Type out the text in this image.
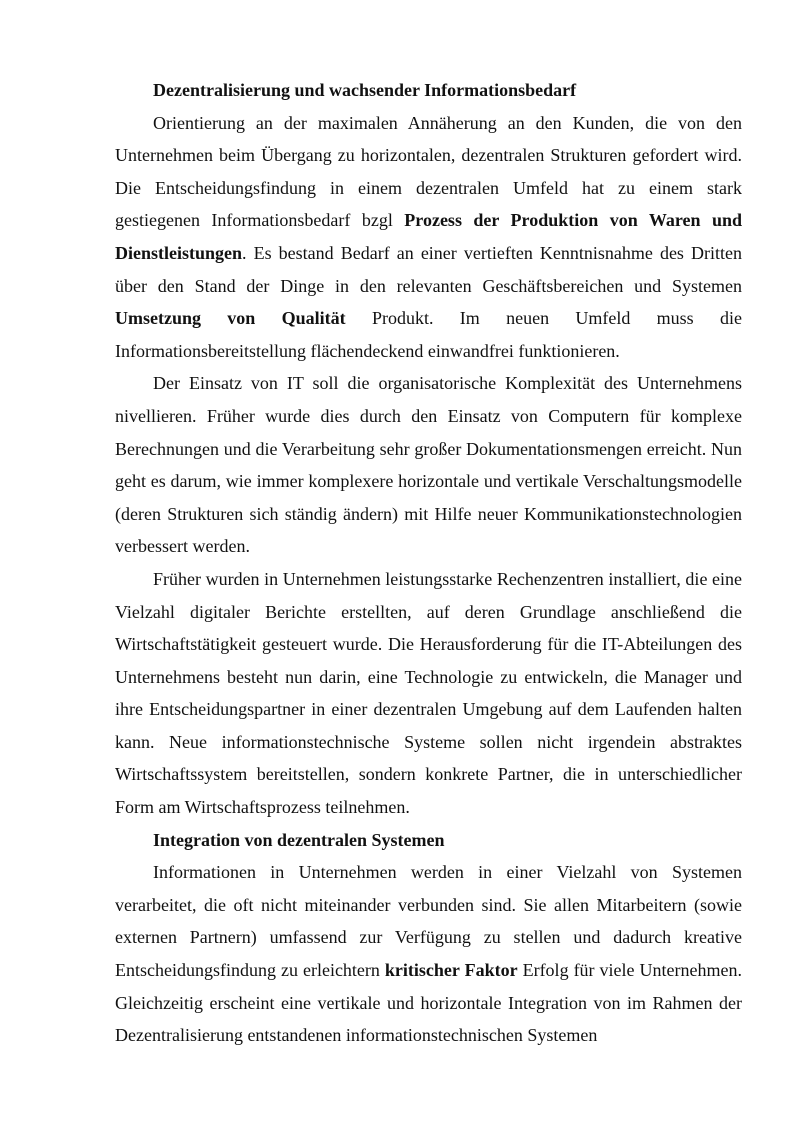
Dezentralisierung und wachsender Informationsbedarf

Orientierung an der maximalen Annäherung an den Kunden, die von den Unternehmen beim Übergang zu horizontalen, dezentralen Strukturen gefordert wird. Die Entscheidungsfindung in einem dezentralen Umfeld hat zu einem stark gestiegenen Informationsbedarf bzgl Prozess der Produktion von Waren und Dienstleistungen. Es bestand Bedarf an einer vertieften Kenntnisnahme des Dritten über den Stand der Dinge in den relevanten Geschäftsbereichen und Systemen Umsetzung von Qualität Produkt. Im neuen Umfeld muss die Informationsbereitstellung flächendeckend einwandfrei funktionieren.

Der Einsatz von IT soll die organisatorische Komplexität des Unternehmens nivellieren. Früher wurde dies durch den Einsatz von Computern für komplexe Berechnungen und die Verarbeitung sehr großer Dokumentationsmengen erreicht. Nun geht es darum, wie immer komplexere horizontale und vertikale Verschaltungsmodelle (deren Strukturen sich ständig ändern) mit Hilfe neuer Kommunikationstechnologien verbessert werden.

Früher wurden in Unternehmen leistungsstarke Rechenzentren installiert, die eine Vielzahl digitaler Berichte erstellten, auf deren Grundlage anschließend die Wirtschaftstätigkeit gesteuert wurde. Die Herausforderung für die IT-Abteilungen des Unternehmens besteht nun darin, eine Technologie zu entwickeln, die Manager und ihre Entscheidungspartner in einer dezentralen Umgebung auf dem Laufenden halten kann. Neue informationstechnische Systeme sollen nicht irgendein abstraktes Wirtschaftssystem bereitstellen, sondern konkrete Partner, die in unterschiedlicher Form am Wirtschaftsprozess teilnehmen.

Integration von dezentralen Systemen

Informationen in Unternehmen werden in einer Vielzahl von Systemen verarbeitet, die oft nicht miteinander verbunden sind. Sie allen Mitarbeitern (sowie externen Partnern) umfassend zur Verfügung zu stellen und dadurch kreative Entscheidungsfindung zu erleichtern kritischer Faktor Erfolg für viele Unternehmen. Gleichzeitig erscheint eine vertikale und horizontale Integration von im Rahmen der Dezentralisierung entstandenen informationstechnischen Systemen
